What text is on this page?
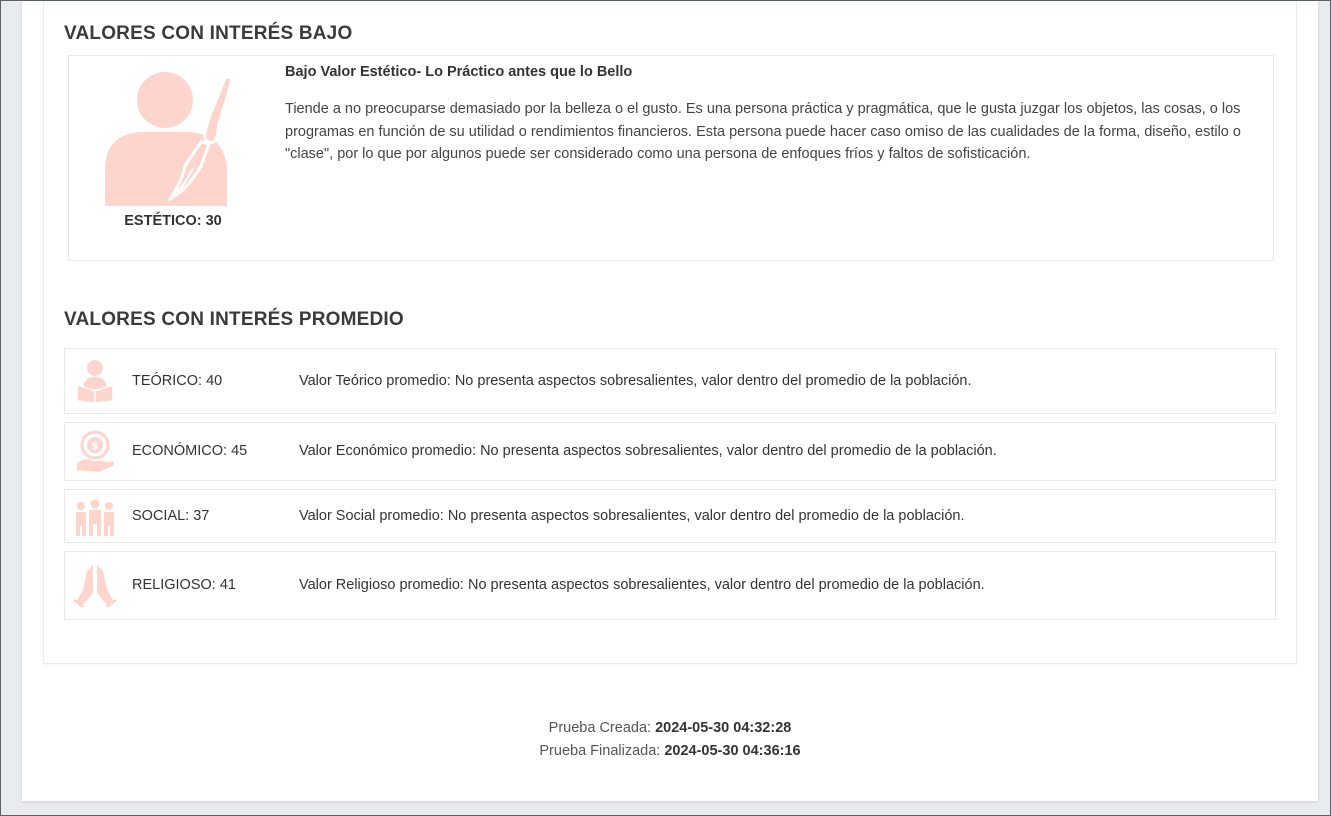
VALORES CON INTERÉS BAJO
ESTÉTICO: 30
Bajo Valor Estético- Lo Práctico antes que lo Bello

Tiende a no preocuparse demasiado por la belleza o el gusto. Es una persona práctica y pragmática, que le gusta juzgar los objetos, las cosas, o los programas en función de su utilidad o rendimientos financieros. Esta persona puede hacer caso omiso de las cualidades de la forma, diseño, estilo o "clase", por lo que por algunos puede ser considerado como una persona de enfoques fríos y faltos de sofisticación.

VALORES CON INTERÉS PROMEDIO
TEÓRICO: 40	Valor Teórico promedio: No presenta aspectos sobresalientes, valor dentro del promedio de la población.
$ ECONÓMICO: 45	Valor Económico promedio: No presenta aspectos sobresalientes, valor dentro del promedio de la población.
SOCIAL: 37	Valor Social promedio: No presenta aspectos sobresalientes, valor dentro del promedio de la población.
RELIGIOSO: 41	Valor Religioso promedio: No presenta aspectos sobresalientes, valor dentro del promedio de la población.
Prueba Creada: 2024-05-30 04:32:28
Prueba Finalizada: 2024-05-30 04:36:16
